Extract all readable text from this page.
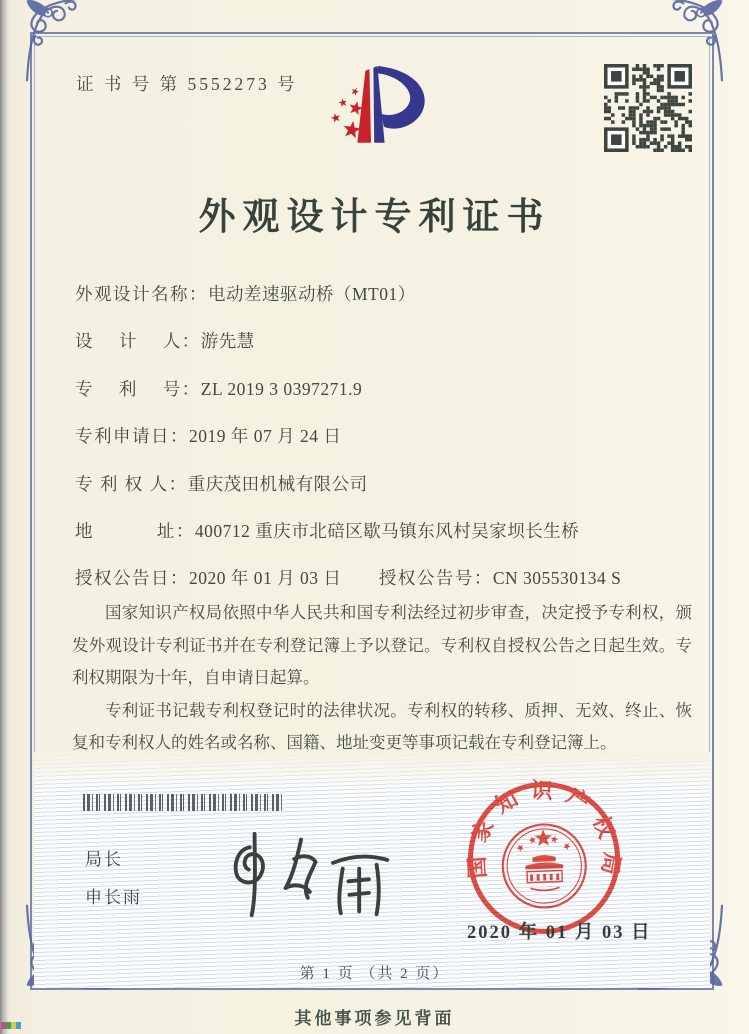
证 书 号 第 5552273 号
外观设计专利证书
外观设计名称：电动差速驱动桥（MT01）
设　 计 　人：游先慧
专　 利 　号：ZL 2019 3 0397271.9
专利申请日：2019 年 07 月 24 日
专 利 权 人：重庆茂田机械有限公司
地　 　　址：400712 重庆市北碚区歇马镇东风村吴家坝长生桥
授权公告日：2020 年 01 月 03 日 授权公告号：CN 305530134 S

国家知识产权局依照中华人民共和国专利法经过初步审查，决定授予专利权，颁发外观设计专利证书并在专利登记簿上予以登记。专利权自授权公告之日起生效。专利权期限为十年，自申请日起算。

专利证书记载专利权登记时的法律状况。专利权的转移、质押、无效、终止、恢复和专利权人的姓名或名称、国籍、地址变更等事项记载在专利登记簿上。

局长
申长雨
国家知识产权局
2020 年 01 月 03 日
第 1 页 （共 2 页）
其他事项参见背面
